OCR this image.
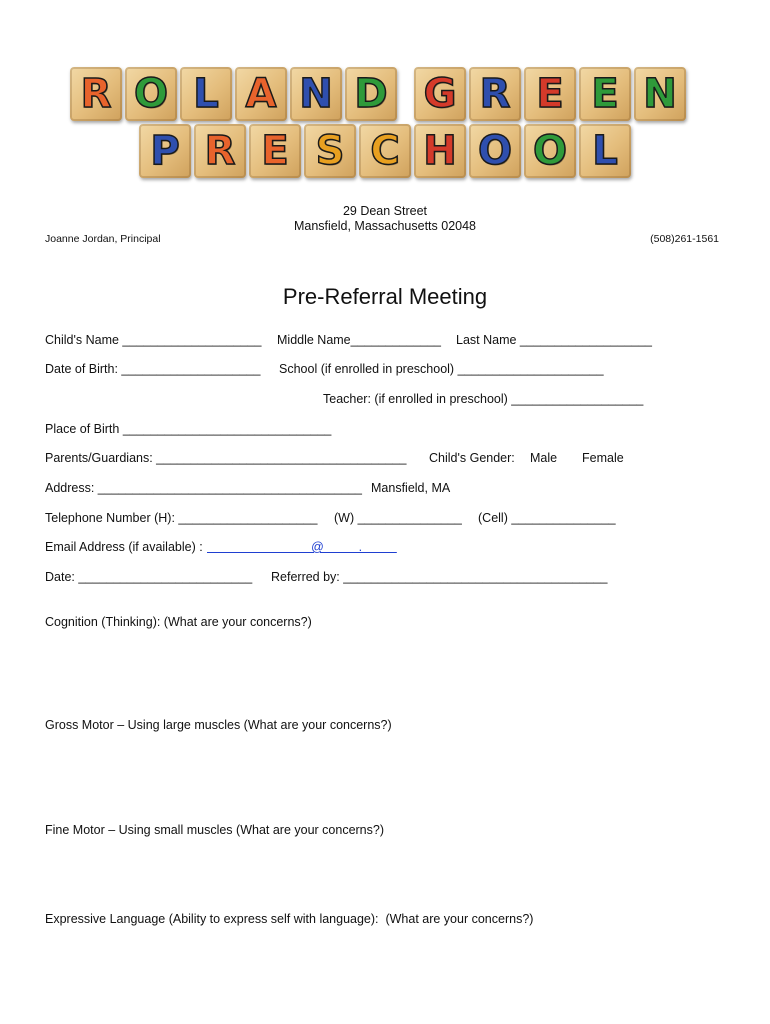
R O L A N D G R E E N
P R E S C H O O L
29 Dean Street
Mansfield, Massachusetts 02048
Joanne Jordan, Principal	(508)261-1561
Pre-Referral Meeting
Child's Name ____________________ Middle Name_____________ Last Name ___________________
Date of Birth: ____________________ School (if enrolled in preschool) _____________________
Teacher: (if enrolled in preschool) ___________________
Place of Birth ______________________________
Parents/Guardians: ____________________________________ Child's Gender: Male Female
Address: ______________________________________ Mansfield, MA
Telephone Number (H): ____________________ (W) _______________ (Cell) _______________
Email Address (if available) : @          .
Date: _________________________ Referred by: ______________________________________
Cognition (Thinking): (What are your concerns?)
Gross Motor – Using large muscles (What are your concerns?)
Fine Motor – Using small muscles (What are your concerns?)
Expressive Language (Ability to express self with language):  (What are your concerns?)
